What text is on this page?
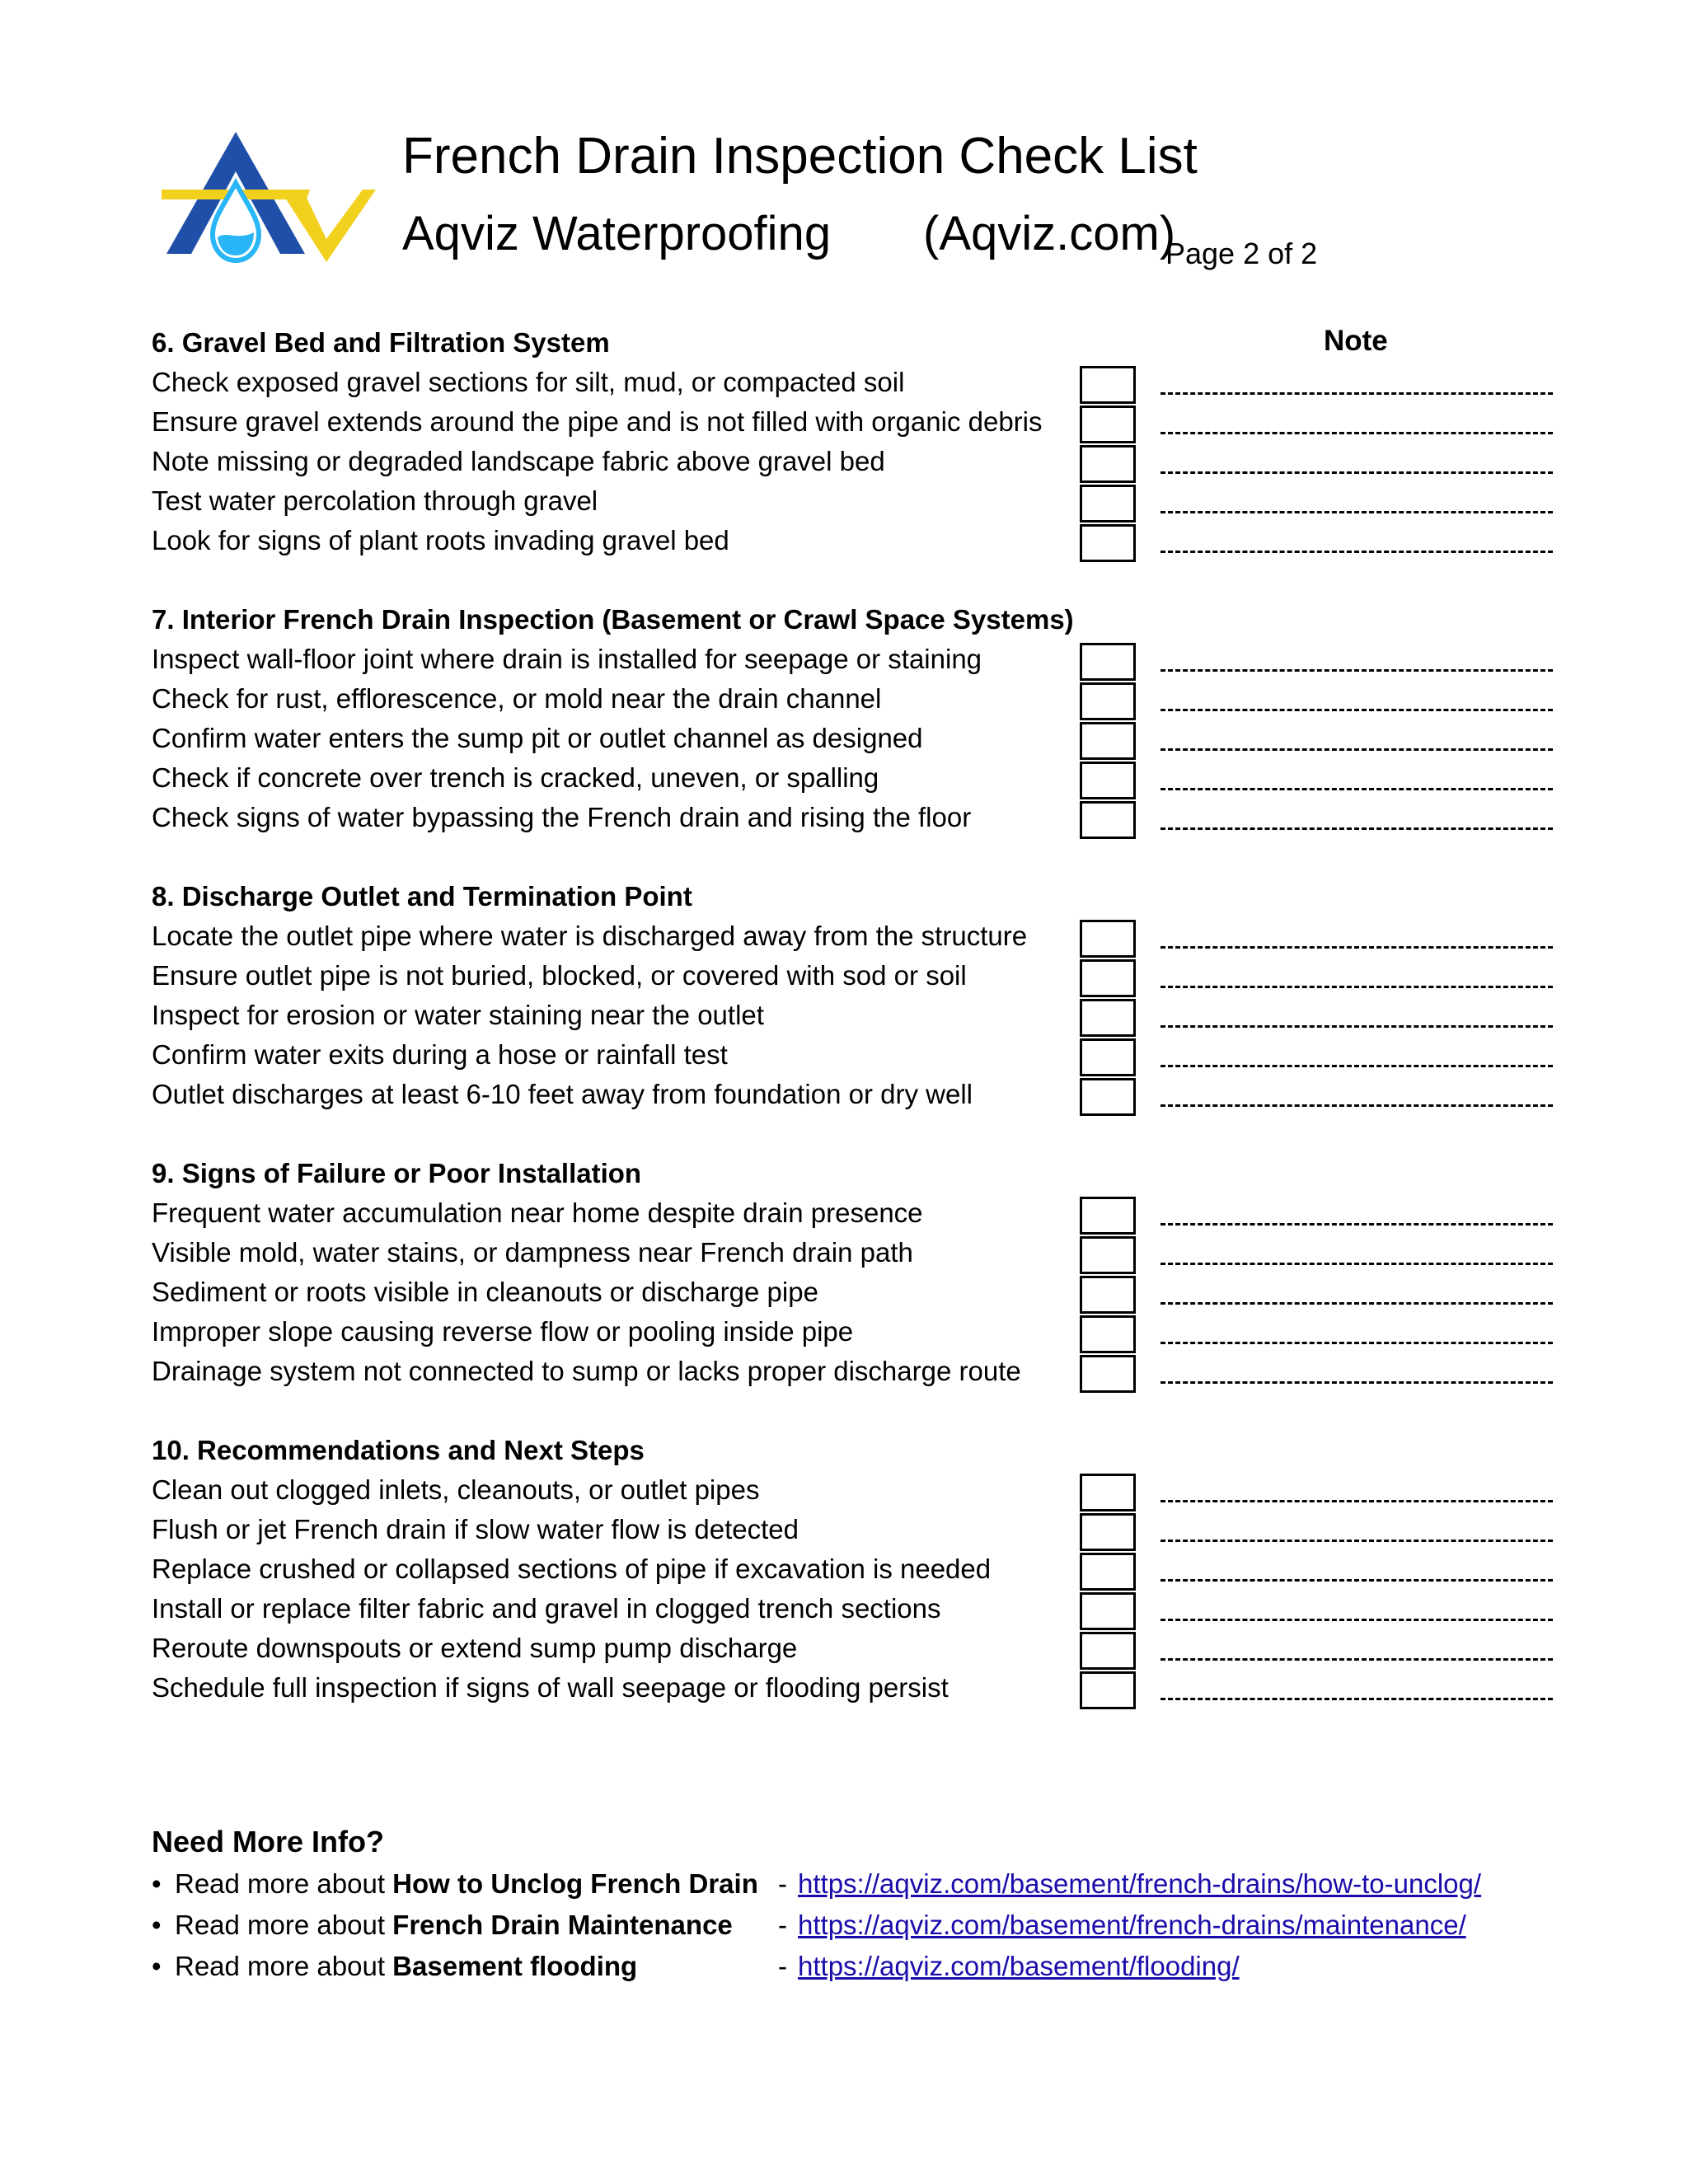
French Drain Inspection Check List
Aqviz Waterproofing (Aqviz.com)
Page 2 of 2
Note
6. Gravel Bed and Filtration System
Check exposed gravel sections for silt, mud, or compacted soil
Ensure gravel extends around the pipe and is not filled with organic debris
Note missing or degraded landscape fabric above gravel bed
Test water percolation through gravel
Look for signs of plant roots invading gravel bed
7. Interior French Drain Inspection (Basement or Crawl Space Systems)
Inspect wall-floor joint where drain is installed for seepage or staining
Check for rust, efflorescence, or mold near the drain channel
Confirm water enters the sump pit or outlet channel as designed
Check if concrete over trench is cracked, uneven, or spalling
Check signs of water bypassing the French drain and rising the floor
8. Discharge Outlet and Termination Point
Locate the outlet pipe where water is discharged away from the structure
Ensure outlet pipe is not buried, blocked, or covered with sod or soil
Inspect for erosion or water staining near the outlet
Confirm water exits during a hose or rainfall test
Outlet discharges at least 6-10 feet away from foundation or dry well
9. Signs of Failure or Poor Installation
Frequent water accumulation near home despite drain presence
Visible mold, water stains, or dampness near French drain path
Sediment or roots visible in cleanouts or discharge pipe
Improper slope causing reverse flow or pooling inside pipe
Drainage system not connected to sump or lacks proper discharge route
10. Recommendations and Next Steps
Clean out clogged inlets, cleanouts, or outlet pipes
Flush or jet French drain if slow water flow is detected
Replace crushed or collapsed sections of pipe if excavation is needed
Install or replace filter fabric and gravel in clogged trench sections
Reroute downspouts or extend sump pump discharge
Schedule full inspection if signs of wall seepage or flooding persist
Need More Info?
• Read more about How to Unclog French Drain - https://aqviz.com/basement/french-drains/how-to-unclog/
• Read more about French Drain Maintenance - https://aqviz.com/basement/french-drains/maintenance/
• Read more about Basement flooding	- https://aqviz.com/basement/flooding/
